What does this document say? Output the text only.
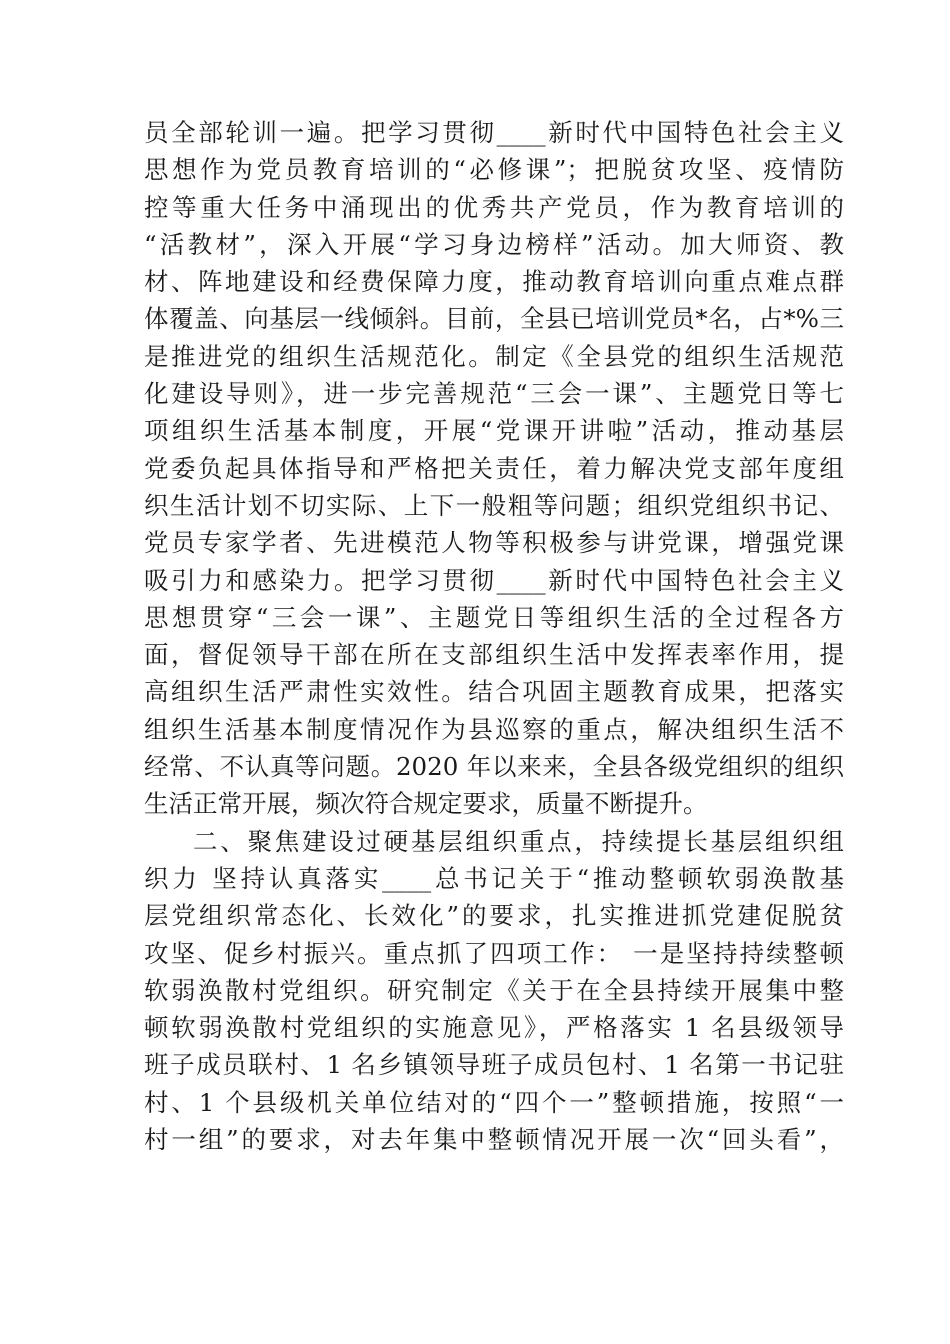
员全部轮训一遍。把学习贯彻____新时代中国特色社会主义
思想作为党员教育培训的“必修课”；把脱贫攻坚、疫情防
控等重大任务中涌现出的优秀共产党员，作为教育培训的
“活教材”，深入开展“学习身边榜样”活动。加大师资、教
材、阵地建设和经费保障力度，推动教育培训向重点难点群
体覆盖、向基层一线倾斜。目前，全县已培训党员*名，占*%三
是推进党的组织生活规范化。制定《全县党的组织生活规范
化建设导则》，进一步完善规范“三会一课”、主题党日等七
项组织生活基本制度，开展“党课开讲啦”活动，推动基层
党委负起具体指导和严格把关责任，着力解决党支部年度组
织生活计划不切实际、上下一般粗等问题；组织党组织书记、
党员专家学者、先进模范人物等积极参与讲党课，增强党课
吸引力和感染力。把学习贯彻____新时代中国特色社会主义
思想贯穿“三会一课”、主题党日等组织生活的全过程各方
面，督促领导干部在所在支部组织生活中发挥表率作用，提
高组织生活严肃性实效性。结合巩固主题教育成果，把落实
组织生活基本制度情况作为县巡察的重点，解决组织生活不
经常、不认真等问题。2020 年以来来，全县各级党组织的组织
生活正常开展，频次符合规定要求，质量不断提升。
二、聚焦建设过硬基层组织重点，持续提长基层组织组
织力 坚持认真落实____总书记关于“推动整顿软弱涣散基
层党组织常态化、长效化”的要求，扎实推进抓党建促脱贫
攻坚、促乡村振兴。重点抓了四项工作： 一是坚持持续整顿
软弱涣散村党组织。研究制定《关于在全县持续开展集中整
顿软弱涣散村党组织的实施意见》，严格落实 1 名县级领导
班子成员联村、1 名乡镇领导班子成员包村、1 名第一书记驻
村、1 个县级机关单位结对的“四个一”整顿措施，按照“一
村一组”的要求，对去年集中整顿情况开展一次“回头看”，
